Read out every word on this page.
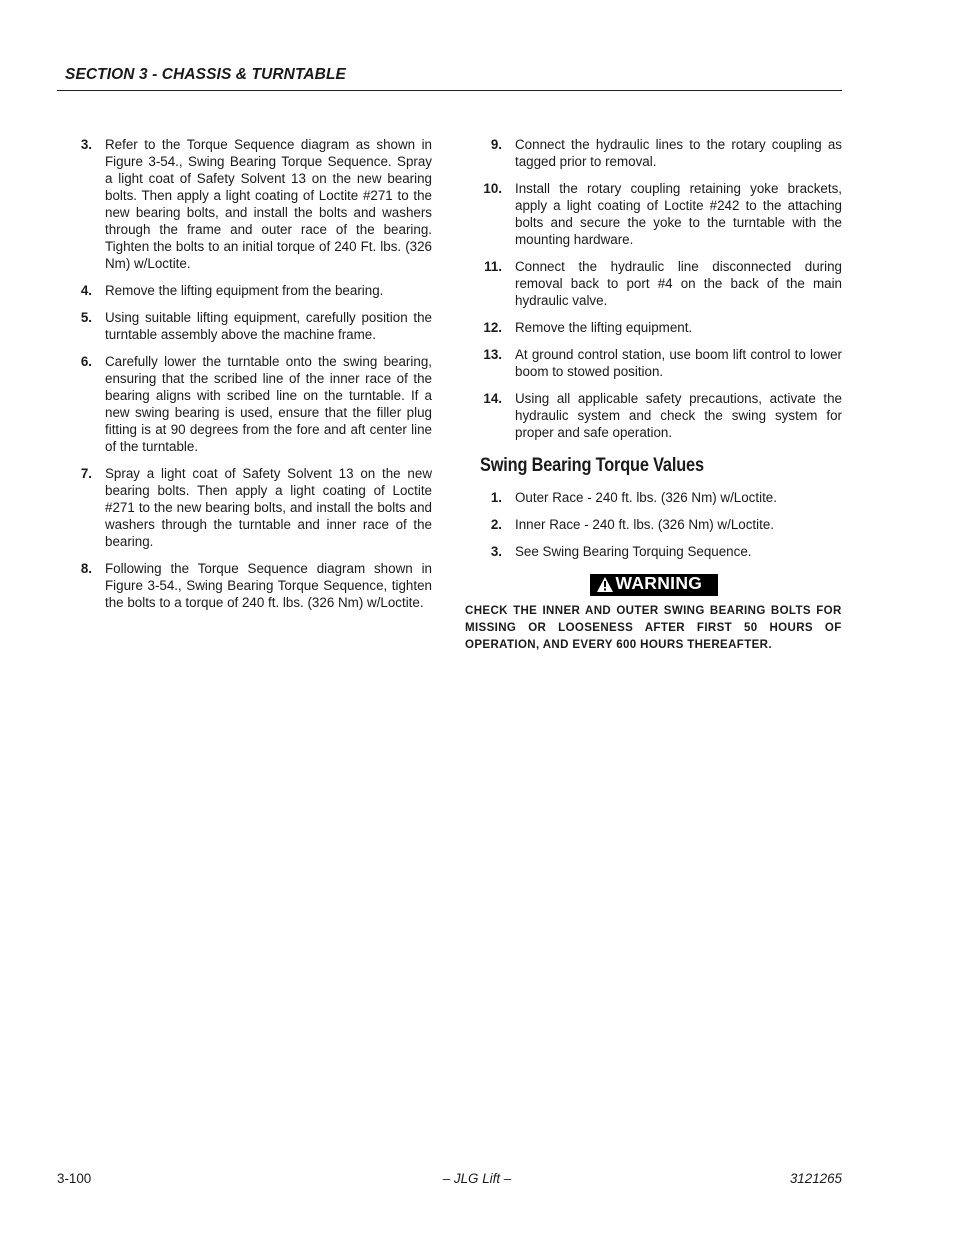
SECTION 3 - CHASSIS & TURNTABLE
3. Refer to the Torque Sequence diagram as shown in Figure 3-54., Swing Bearing Torque Sequence. Spray a light coat of Safety Solvent 13 on the new bearing bolts. Then apply a light coating of Loctite #271 to the new bearing bolts, and install the bolts and washers through the frame and outer race of the bearing. Tighten the bolts to an initial torque of 240 Ft. lbs. (326 Nm) w/Loctite.
4. Remove the lifting equipment from the bearing.
5. Using suitable lifting equipment, carefully position the turntable assembly above the machine frame.
6. Carefully lower the turntable onto the swing bearing, ensuring that the scribed line of the inner race of the bearing aligns with scribed line on the turntable. If a new swing bearing is used, ensure that the filler plug fitting is at 90 degrees from the fore and aft center line of the turntable.
7. Spray a light coat of Safety Solvent 13 on the new bearing bolts. Then apply a light coating of Loctite #271 to the new bearing bolts, and install the bolts and washers through the turntable and inner race of the bearing.
8. Following the Torque Sequence diagram shown in Figure 3-54., Swing Bearing Torque Sequence, tighten the bolts to a torque of 240 ft. lbs. (326 Nm) w/Loctite.
9. Connect the hydraulic lines to the rotary coupling as tagged prior to removal.
10. Install the rotary coupling retaining yoke brackets, apply a light coating of Loctite #242 to the attaching bolts and secure the yoke to the turntable with the mounting hardware.
11. Connect the hydraulic line disconnected during removal back to port #4 on the back of the main hydraulic valve.
12. Remove the lifting equipment.
13. At ground control station, use boom lift control to lower boom to stowed position.
14. Using all applicable safety precautions, activate the hydraulic system and check the swing system for proper and safe operation.
Swing Bearing Torque Values
1. Outer Race - 240 ft. lbs. (326 Nm) w/Loctite.
2. Inner Race - 240 ft. lbs. (326 Nm) w/Loctite.
3. See Swing Bearing Torquing Sequence.
WARNING
CHECK THE INNER AND OUTER SWING BEARING BOLTS FOR MISSING OR LOOSENESS AFTER FIRST 50 HOURS OF OPERATION, AND EVERY 600 HOURS THEREAFTER.
3-100	– JLG Lift –	3121265
